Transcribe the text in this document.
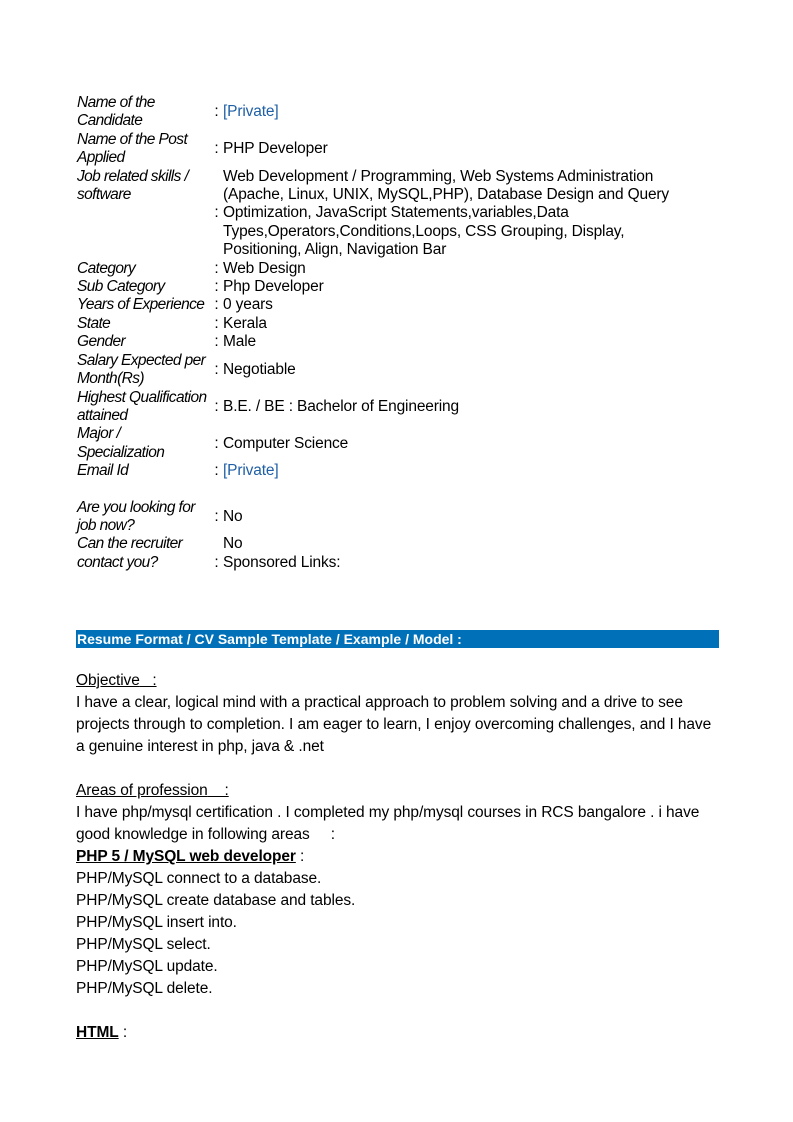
Name of the Candidate	:	[Private]
Name of the Post Applied	:	PHP Developer
Job related skills / software	:	Web Development / Programming, Web Systems Administration (Apache, Linux, UNIX, MySQL,PHP), Database Design and Query Optimization, JavaScript Statements,variables,Data Types,Operators,Conditions,Loops, CSS Grouping, Display, Positioning, Align, Navigation Bar
Category	:	Web Design
Sub Category	:	Php Developer
Years of Experience	:	0 years
State	:	Kerala
Gender	:	Male
Salary Expected per Month(Rs)	:	Negotiable
Highest Qualification attained	:	B.E. / BE : Bachelor of Engineering
Major / Specialization	:	Computer Science
Email Id	:	[Private]

Are you looking for job now?	:	No
Can the recruiter contact you?	:	No
Sponsored Links:
Resume Format / CV Sample Template / Example / Model :

Objective   :

I have a clear, logical mind with a practical approach to problem solving and a drive to see projects through to completion. I am eager to learn, I enjoy overcoming challenges, and I have a genuine interest in php, java & .net

Areas of profession    :

I have php/mysql certification . I completed my php/mysql courses in RCS bangalore . i have good knowledge in following areas     :

PHP 5 / MySQL web developer :

PHP/MySQL connect to a database.

PHP/MySQL create database and tables.

PHP/MySQL insert into.

PHP/MySQL select.

PHP/MySQL update.

PHP/MySQL delete.

HTML :
